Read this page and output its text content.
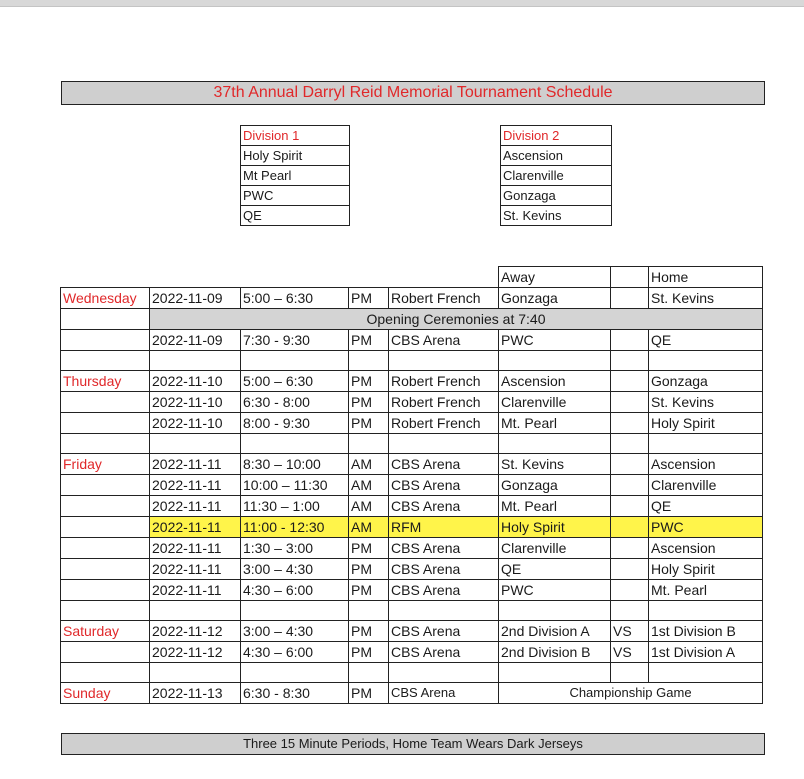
37th Annual Darryl Reid Memorial Tournament Schedule
Division 1
Holy Spirit
Mt Pearl
PWC
QE
Division 2
Ascension
Clarenville
Gonzaga
St. Kevins
					Away		Home
Wednesday	2022-11-09	5:00 – 6:30	PM	Robert French	Gonzaga		St. Kevins
	Opening Ceremonies at 7:40						
	2022-11-09	7:30 - 9:30	PM	CBS Arena	PWC		QE

Thursday	2022-11-10	5:00 – 6:30	PM	Robert French	Ascension		Gonzaga
	2022-11-10	6:30 - 8:00	PM	Robert French	Clarenville		St. Kevins
	2022-11-10	8:00 - 9:30	PM	Robert French	Mt. Pearl		Holy Spirit

Friday	2022-11-11	8:30 – 10:00	AM	CBS Arena	St. Kevins		Ascension
	2022-11-11	10:00 – 11:30	AM	CBS Arena	Gonzaga		Clarenville
	2022-11-11	11:30 – 1:00	AM	CBS Arena	Mt. Pearl		QE
	2022-11-11	11:00 - 12:30	AM	RFM	Holy Spirit		PWC
	2022-11-11	1:30 – 3:00	PM	CBS Arena	Clarenville		Ascension
	2022-11-11	3:00 – 4:30	PM	CBS Arena	QE		Holy Spirit
	2022-11-11	4:30 – 6:00	PM	CBS Arena	PWC		Mt. Pearl

Saturday	2022-11-12	3:00 – 4:30	PM	CBS Arena	2nd Division A	VS	1st Division B
	2022-11-12	4:30 – 6:00	PM	CBS Arena	2nd Division B	VS	1st Division A

Sunday	2022-11-13	6:30 - 8:30	PM	CBS Arena	Championship Game		
Three 15 Minute Periods, Home Team Wears Dark Jerseys
